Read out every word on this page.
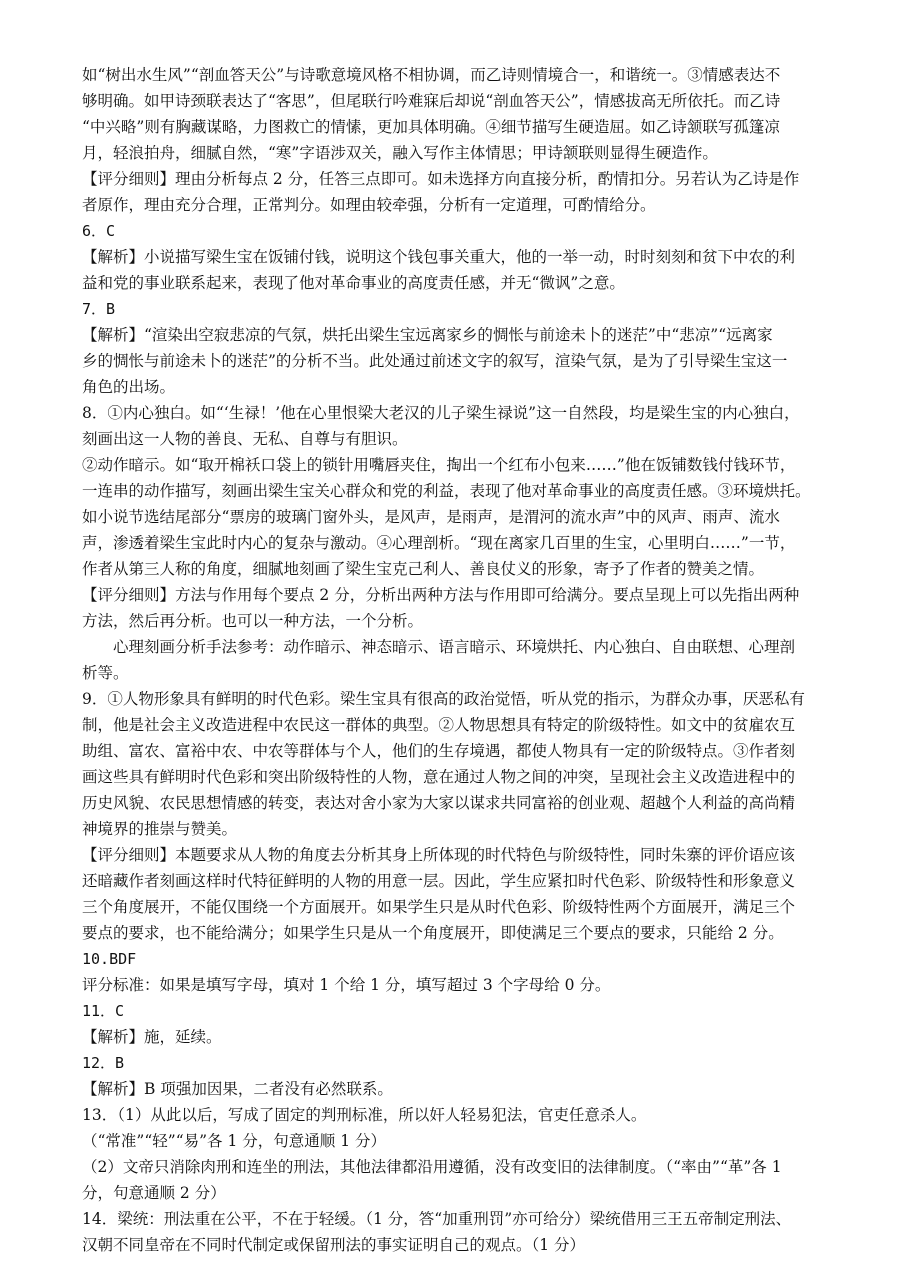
如“树出水生风”“剖血答天公”与诗歌意境风格不相协调，而乙诗则情境合一，和谐统一。③情感表达不
够明确。如甲诗颈联表达了“客思”，但尾联行吟难寐后却说“剖血答天公”，情感拔高无所依托。而乙诗
“中兴略”则有胸藏谋略，力图救亡的情愫，更加具体明确。④细节描写生硬造屈。如乙诗颔联写孤篷凉
月，轻浪拍舟，细腻自然，“寒”字语涉双关，融入写作主体情思；甲诗颔联则显得生硬造作。
【评分细则】理由分析每点 2 分，任答三点即可。如未选择方向直接分析，酌情扣分。另若认为乙诗是作
者原作，理由充分合理，正常判分。如理由较牵强，分析有一定道理，可酌情给分。
6．C
【解析】小说描写梁生宝在饭铺付钱，说明这个钱包事关重大，他的一举一动，时时刻刻和贫下中农的利
益和党的事业联系起来，表现了他对革命事业的高度责任感，并无“微讽”之意。
7．B
【解析】“渲染出空寂悲凉的气氛，烘托出梁生宝远离家乡的惆怅与前途未卜的迷茫”中“悲凉”“远离家
乡的惆怅与前途未卜的迷茫”的分析不当。此处通过前述文字的叙写，渲染气氛，是为了引导梁生宝这一
角色的出场。
8．①内心独白。如“‘生禄！’他在心里恨梁大老汉的儿子梁生禄说”这一自然段，均是梁生宝的内心独白，
刻画出这一人物的善良、无私、自尊与有胆识。
②动作暗示。如“取开棉袄口袋上的锁针用嘴唇夹住，掏出一个红布小包来……”他在饭铺数钱付钱环节，
一连串的动作描写，刻画出梁生宝关心群众和党的利益，表现了他对革命事业的高度责任感。③环境烘托。
如小说节选结尾部分“票房的玻璃门窗外头，是风声，是雨声，是渭河的流水声”中的风声、雨声、流水
声，渗透着梁生宝此时内心的复杂与激动。④心理剖析。“现在离家几百里的生宝，心里明白……”一节，
作者从第三人称的角度，细腻地刻画了梁生宝克己利人、善良仗义的形象，寄予了作者的赞美之情。
【评分细则】方法与作用每个要点 2 分，分析出两种方法与作用即可给满分。要点呈现上可以先指出两种
方法，然后再分析。也可以一种方法，一个分析。
心理刻画分析手法参考：动作暗示、神态暗示、语言暗示、环境烘托、内心独白、自由联想、心理剖
析等。
9．①人物形象具有鲜明的时代色彩。梁生宝具有很高的政治觉悟，听从党的指示，为群众办事，厌恶私有
制，他是社会主义改造进程中农民这一群体的典型。②人物思想具有特定的阶级特性。如文中的贫雇农互
助组、富农、富裕中农、中农等群体与个人，他们的生存境遇，都使人物具有一定的阶级特点。③作者刻
画这些具有鲜明时代色彩和突出阶级特性的人物，意在通过人物之间的冲突，呈现社会主义改造进程中的
历史风貌、农民思想情感的转变，表达对舍小家为大家以谋求共同富裕的创业观、超越个人利益的高尚精
神境界的推崇与赞美。
【评分细则】本题要求从人物的角度去分析其身上所体现的时代特色与阶级特性，同时朱寨的评价语应该
还暗藏作者刻画这样时代特征鲜明的人物的用意一层。因此，学生应紧扣时代色彩、阶级特性和形象意义
三个角度展开，不能仅围绕一个方面展开。如果学生只是从时代色彩、阶级特性两个方面展开，满足三个
要点的要求，也不能给满分；如果学生只是从一个角度展开，即使满足三个要点的要求，只能给 2 分。
10.BDF
评分标准：如果是填写字母，填对 1 个给 1 分，填写超过 3 个字母给 0 分。
11．C
【解析】施，延续。
12．B
【解析】B 项强加因果，二者没有必然联系。
13．（1）从此以后，写成了固定的判刑标准，所以奸人轻易犯法，官吏任意杀人。
（“常准”“轻”“易”各 1 分，句意通顺 1 分）
（2）文帝只消除肉刑和连坐的刑法，其他法律都沿用遵循，没有改变旧的法律制度。（“率由”“革”各 1
分，句意通顺 2 分）
14．梁统：刑法重在公平，不在于轻缓。（1 分，答“加重刑罚”亦可给分）梁统借用三王五帝制定刑法、
汉朝不同皇帝在不同时代制定或保留刑法的事实证明自己的观点。（1 分）
